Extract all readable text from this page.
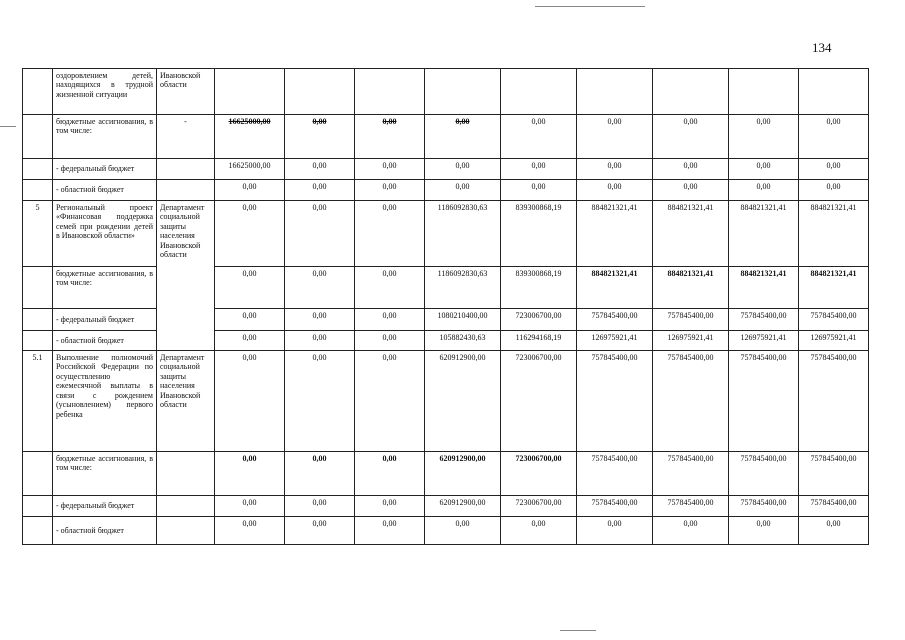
134
	оздоровлением детей, находящихся в трудной жизненной ситуации	Ивановской области									
	бюджетные ассигнования, в том числе:	-	16625000,00	0,00	0,00	0,00	0,00	0,00	0,00	0,00	0,00
	- федеральный бюджет		16625000,00	0,00	0,00	0,00	0,00	0,00	0,00	0,00	0,00
	- областной бюджет		0,00	0,00	0,00	0,00	0,00	0,00	0,00	0,00	0,00
5	Региональный проект «Финансовая поддержка семей при рождении детей в Ивановской области»	Департамент социальной защиты населения Ивановской области	0,00	0,00	0,00	1186092830,63	839300868,19	884821321,41	884821321,41	884821321,41	884821321,41
	бюджетные ассигнования, в том числе:		0,00	0,00	0,00	1186092830,63	839300868,19	884821321,41	884821321,41	884821321,41	884821321,41
	- федеральный бюджет		0,00	0,00	0,00	1080210400,00	723006700,00	757845400,00	757845400,00	757845400,00	757845400,00
	- областной бюджет		0,00	0,00	0,00	105882430,63	116294168,19	126975921,41	126975921,41	126975921,41	126975921,41
5.1	Выполнение полномочий Российской Федерации по осуществлению ежемесячной выплаты в связи с рождением (усыновлением) первого ребенка	Департамент социальной защиты населения Ивановской области	0,00	0,00	0,00	620912900,00	723006700,00	757845400,00	757845400,00	757845400,00	757845400,00
	бюджетные ассигнования, в том числе:		0,00	0,00	0,00	620912900,00	723006700,00	757845400,00	757845400,00	757845400,00	757845400,00
	- федеральный бюджет		0,00	0,00	0,00	620912900,00	723006700,00	757845400,00	757845400,00	757845400,00	757845400,00
	- областной бюджет		0,00	0,00	0,00	0,00	0,00	0,00	0,00	0,00	0,00
